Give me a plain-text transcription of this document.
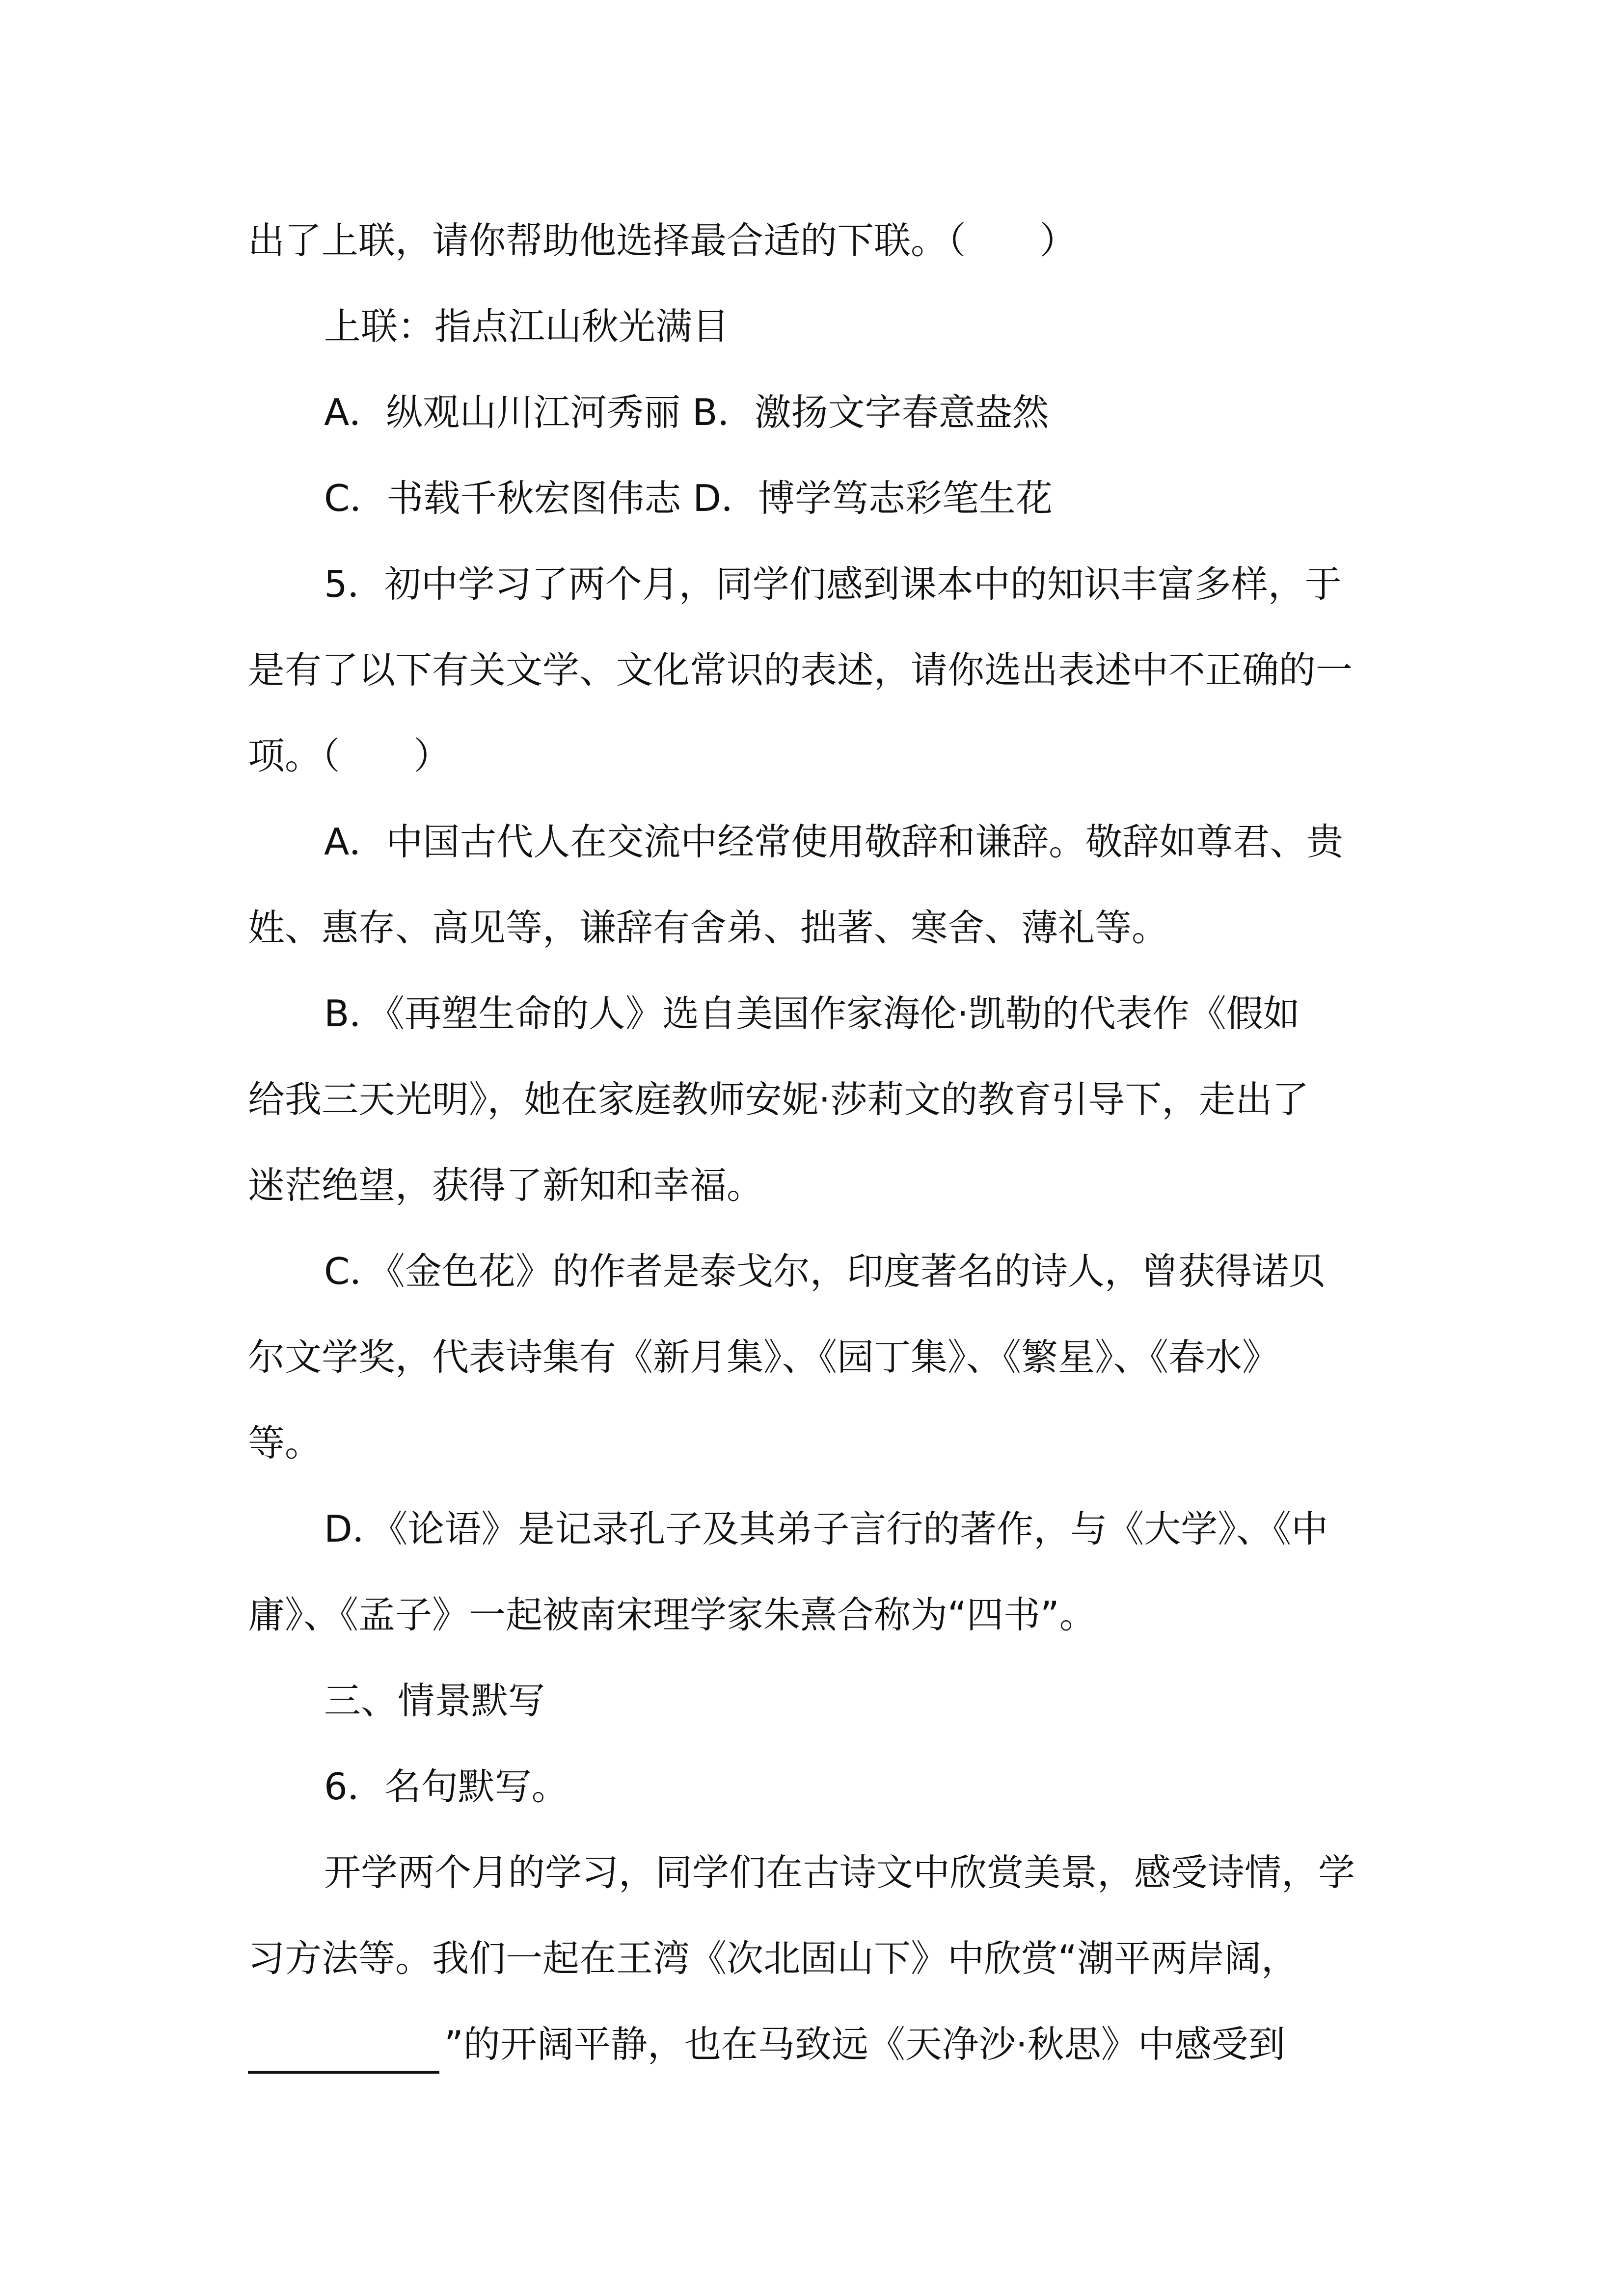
出了上联，请你帮助他选择最合适的下联。（　　）
上联：指点江山秋光满目
A．纵观山川江河秀丽 B．激扬文字春意盎然
C．书载千秋宏图伟志 D．博学笃志彩笔生花
5．初中学习了两个月，同学们感到课本中的知识丰富多样，于
是有了以下有关文学、文化常识的表述，请你选出表述中不正确的一
项。（　　）
A．中国古代人在交流中经常使用敬辞和谦辞。敬辞如尊君、贵
姓、惠存、高见等，谦辞有舍弟、拙著、寒舍、薄礼等。
B．《再塑生命的人》选自美国作家海伦·凯勒的代表作《假如
给我三天光明》，她在家庭教师安妮·莎莉文的教育引导下，走出了
迷茫绝望，获得了新知和幸福。
C．《金色花》的作者是泰戈尔，印度著名的诗人，曾获得诺贝
尔文学奖，代表诗集有《新月集》、《园丁集》、《繁星》、《春水》
等。
D．《论语》是记录孔子及其弟子言行的著作，与《大学》、《中
庸》、《孟子》一起被南宋理学家朱熹合称为“四书”。
三、情景默写
6．名句默写。
开学两个月的学习，同学们在古诗文中欣赏美景，感受诗情，学
习方法等。我们一起在王湾《次北固山下》中欣赏“潮平两岸阔，
”的开阔平静，也在马致远《天净沙·秋思》中感受到
